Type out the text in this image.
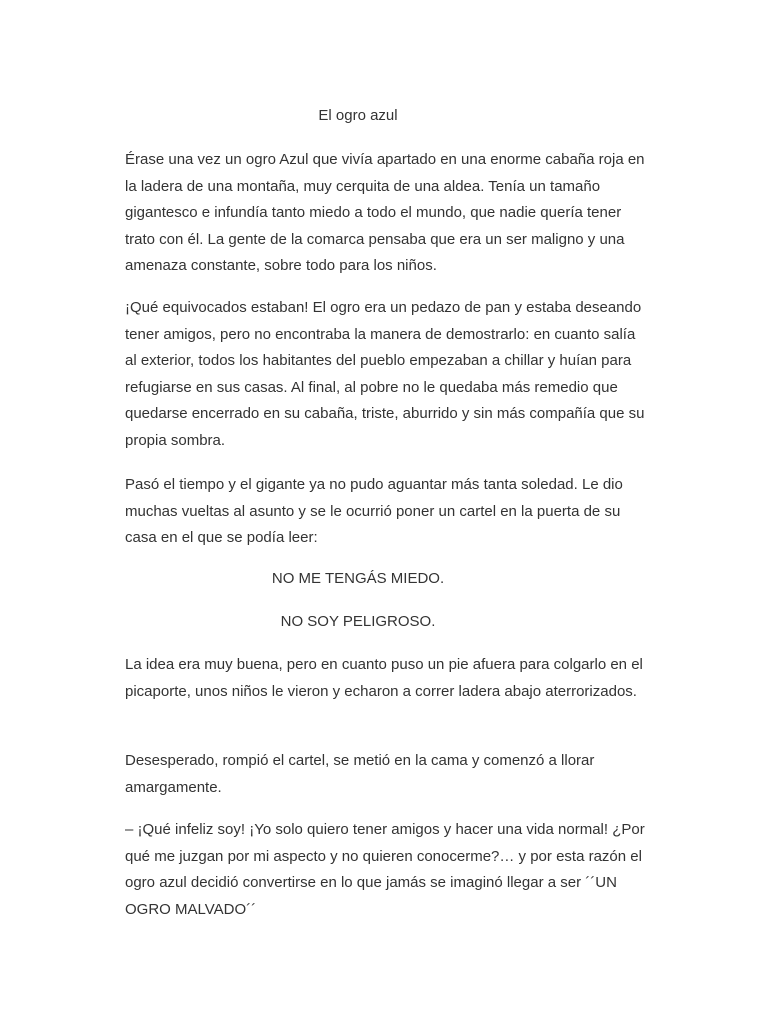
El ogro azul

Érase una vez un ogro Azul que vivía apartado en una enorme cabaña roja en la ladera de una montaña, muy cerquita de una aldea. Tenía un tamaño gigantesco e infundía tanto miedo a todo el mundo, que nadie quería tener trato con él. La gente de la comarca pensaba que era un ser maligno y una amenaza constante, sobre todo para los niños.

¡Qué equivocados estaban! El ogro era un pedazo de pan y estaba deseando tener amigos, pero no encontraba la manera de demostrarlo: en cuanto salía al exterior, todos los habitantes del pueblo empezaban a chillar y huían para refugiarse en sus casas. Al final, al pobre no le quedaba más remedio que quedarse encerrado en su cabaña, triste, aburrido y sin más compañía que su propia sombra.

Pasó el tiempo y el gigante ya no pudo aguantar más tanta soledad. Le dio muchas vueltas al asunto y se le ocurrió poner un cartel en la puerta de su casa en el que se podía leer:

NO ME TENGÁS MIEDO.
NO SOY PELIGROSO.

La idea era muy buena, pero en cuanto puso un pie afuera para colgarlo en el picaporte, unos niños le vieron y echaron a correr ladera abajo aterrorizados.

Desesperado, rompió el cartel, se metió en la cama y comenzó a llorar amargamente.

– ¡Qué infeliz soy! ¡Yo solo quiero tener amigos y hacer una vida normal! ¿Por qué me juzgan por mi aspecto y no quieren conocerme?… y por esta razón el ogro azul decidió convertirse en lo que jamás se imaginó llegar a ser ´´UN OGRO MALVADO´´
